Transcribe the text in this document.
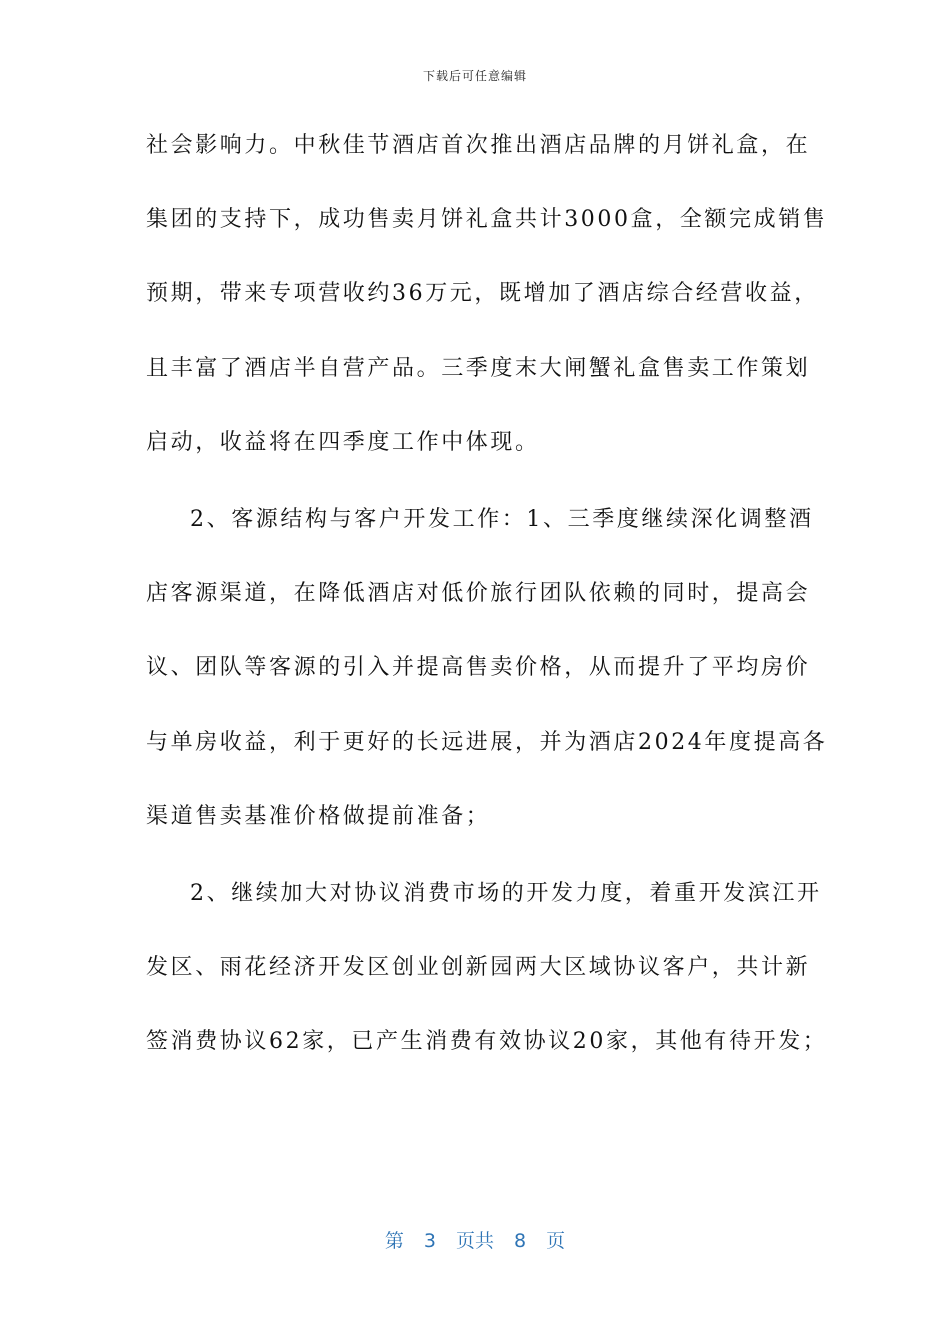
下载后可任意编辑
社会影响力。中秋佳节酒店首次推出酒店品牌的月饼礼盒，在
集团的支持下，成功售卖月饼礼盒共计3000盒，全额完成销售
预期，带来专项营收约36万元，既增加了酒店综合经营收益，
且丰富了酒店半自营产品。三季度末大闸蟹礼盒售卖工作策划
启动，收益将在四季度工作中体现。
2、客源结构与客户开发工作：1、三季度继续深化调整酒
店客源渠道，在降低酒店对低价旅行团队依赖的同时，提高会
议、团队等客源的引入并提高售卖价格，从而提升了平均房价
与单房收益，利于更好的长远进展，并为酒店2024年度提高各
渠道售卖基准价格做提前准备；
2、继续加大对协议消费市场的开发力度，着重开发滨江开
发区、雨花经济开发区创业创新园两大区域协议客户，共计新
签消费协议62家，已产生消费有效协议20家，其他有待开发；
第 3 页共 8 页
